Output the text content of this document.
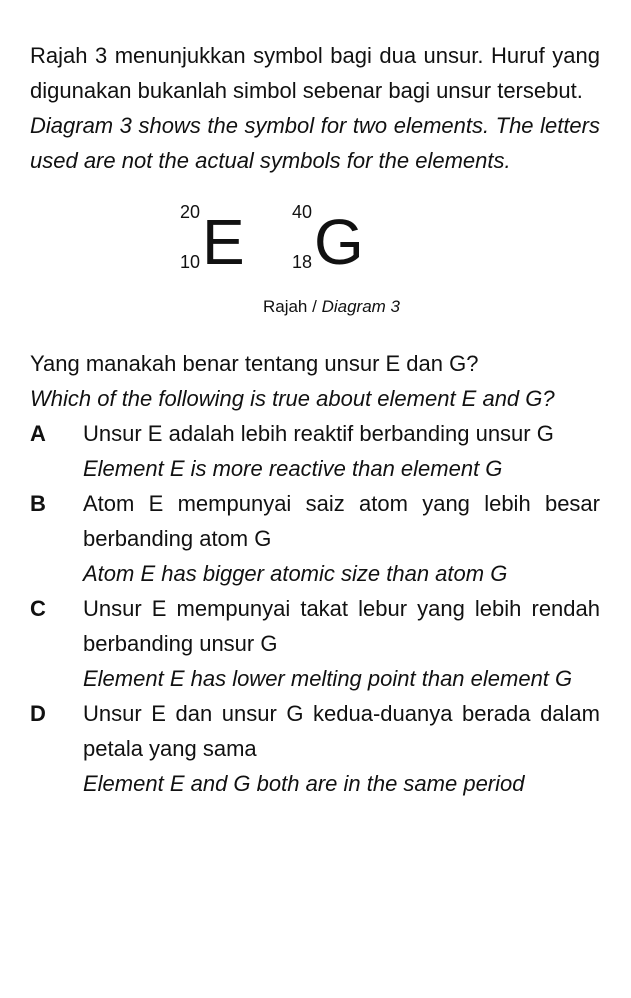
Rajah 3 menunjukkan symbol bagi dua unsur. Huruf yang digunakan bukanlah simbol sebenar bagi unsur tersebut.

Diagram 3 shows the symbol for two elements. The letters used are not the actual symbols for the elements.

20
10 E	40
18 G
Rajah / Diagram 3

Yang manakah benar tentang unsur E dan G?

Which of the following is true about element E and G?

A Unsur E adalah lebih reaktif berbanding unsur G

Element E is more reactive than element G

B Atom E mempunyai saiz atom yang lebih besar berbanding atom G

Atom E has bigger atomic size than atom G

C Unsur E mempunyai takat lebur yang lebih rendah berbanding unsur G

Element E has lower melting point than element G

D Unsur E dan unsur G kedua-duanya berada dalam petala yang sama

Element E and G both are in the same period
